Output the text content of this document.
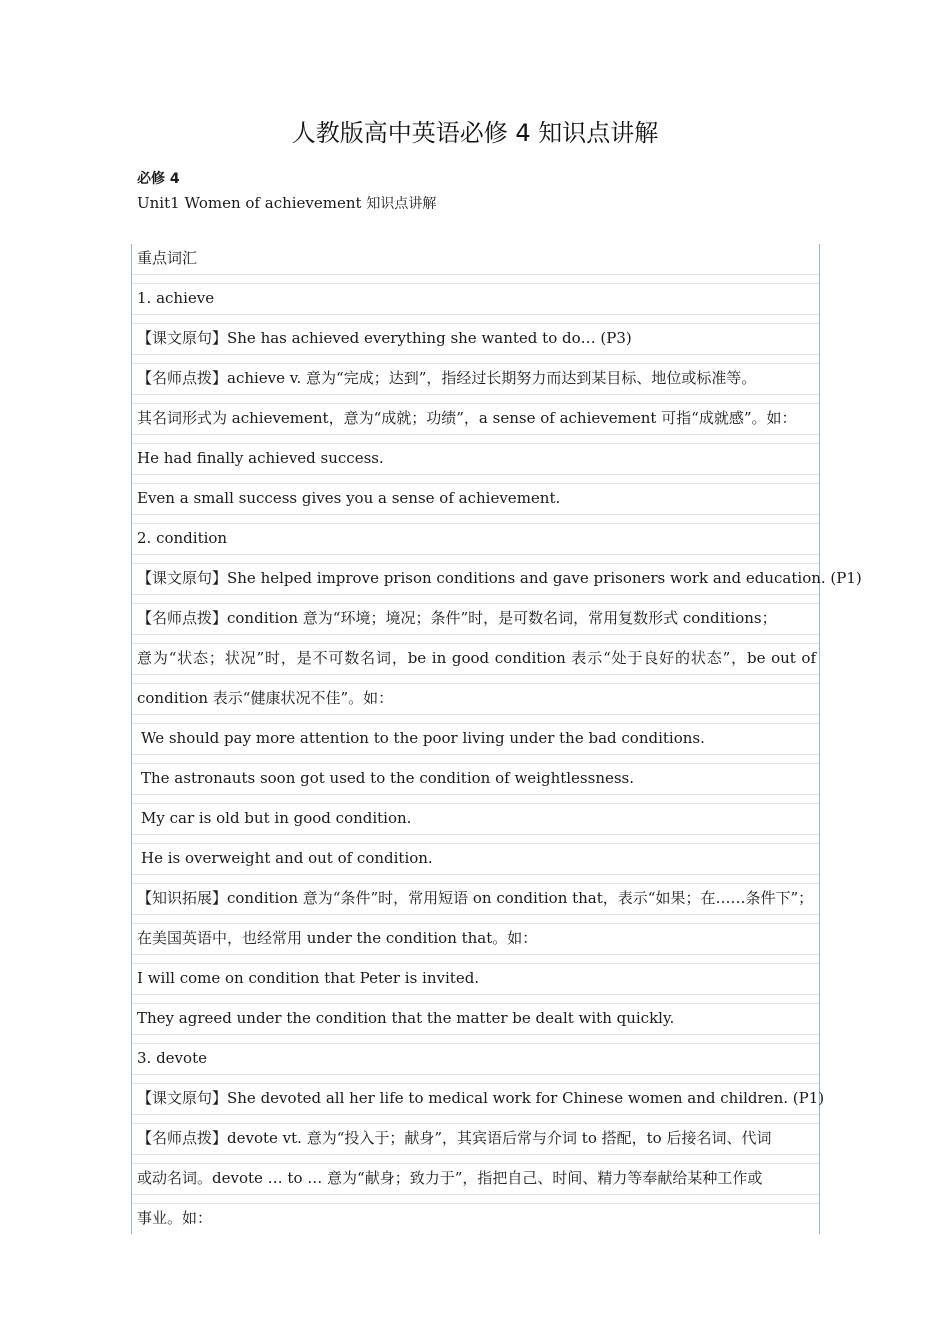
人教版高中英语必修 4 知识点讲解
必修 4
Unit1 Women of achievement 知识点讲解
重点词汇
1. achieve
【课文原句】She has achieved everything she wanted to do… (P3)
【名师点拨】achieve v. 意为“完成；达到”，指经过长期努力而达到某目标、地位或标准等。
其名词形式为 achievement，意为“成就；功绩”，a sense of achievement 可指“成就感”。如：
He had finally achieved success.
Even a small success gives you a sense of achievement.
2. condition
【课文原句】She helped improve prison conditions and gave prisoners work and education. (P1)
【名师点拨】condition 意为“环境；境况；条件”时，是可数名词，常用复数形式 conditions；
意为“状态；状况”时，是不可数名词，be in good condition 表示“处于良好的状态”，be out of
condition 表示“健康状况不佳”。如：
We should pay more attention to the poor living under the bad conditions.
The astronauts soon got used to the condition of weightlessness.
My car is old but in good condition.
He is overweight and out of condition.
【知识拓展】condition 意为“条件”时，常用短语 on condition that，表示“如果；在……条件下”；
在美国英语中，也经常用 under the condition that。如：
I will come on condition that Peter is invited.
They agreed under the condition that the matter be dealt with quickly.
3. devote
【课文原句】She devoted all her life to medical work for Chinese women and children. (P1)
【名师点拨】devote vt. 意为“投入于；献身”，其宾语后常与介词 to 搭配，to 后接名词、代词
或动名词。devote … to … 意为“献身；致力于”，指把自己、时间、精力等奉献给某种工作或
事业。如：
